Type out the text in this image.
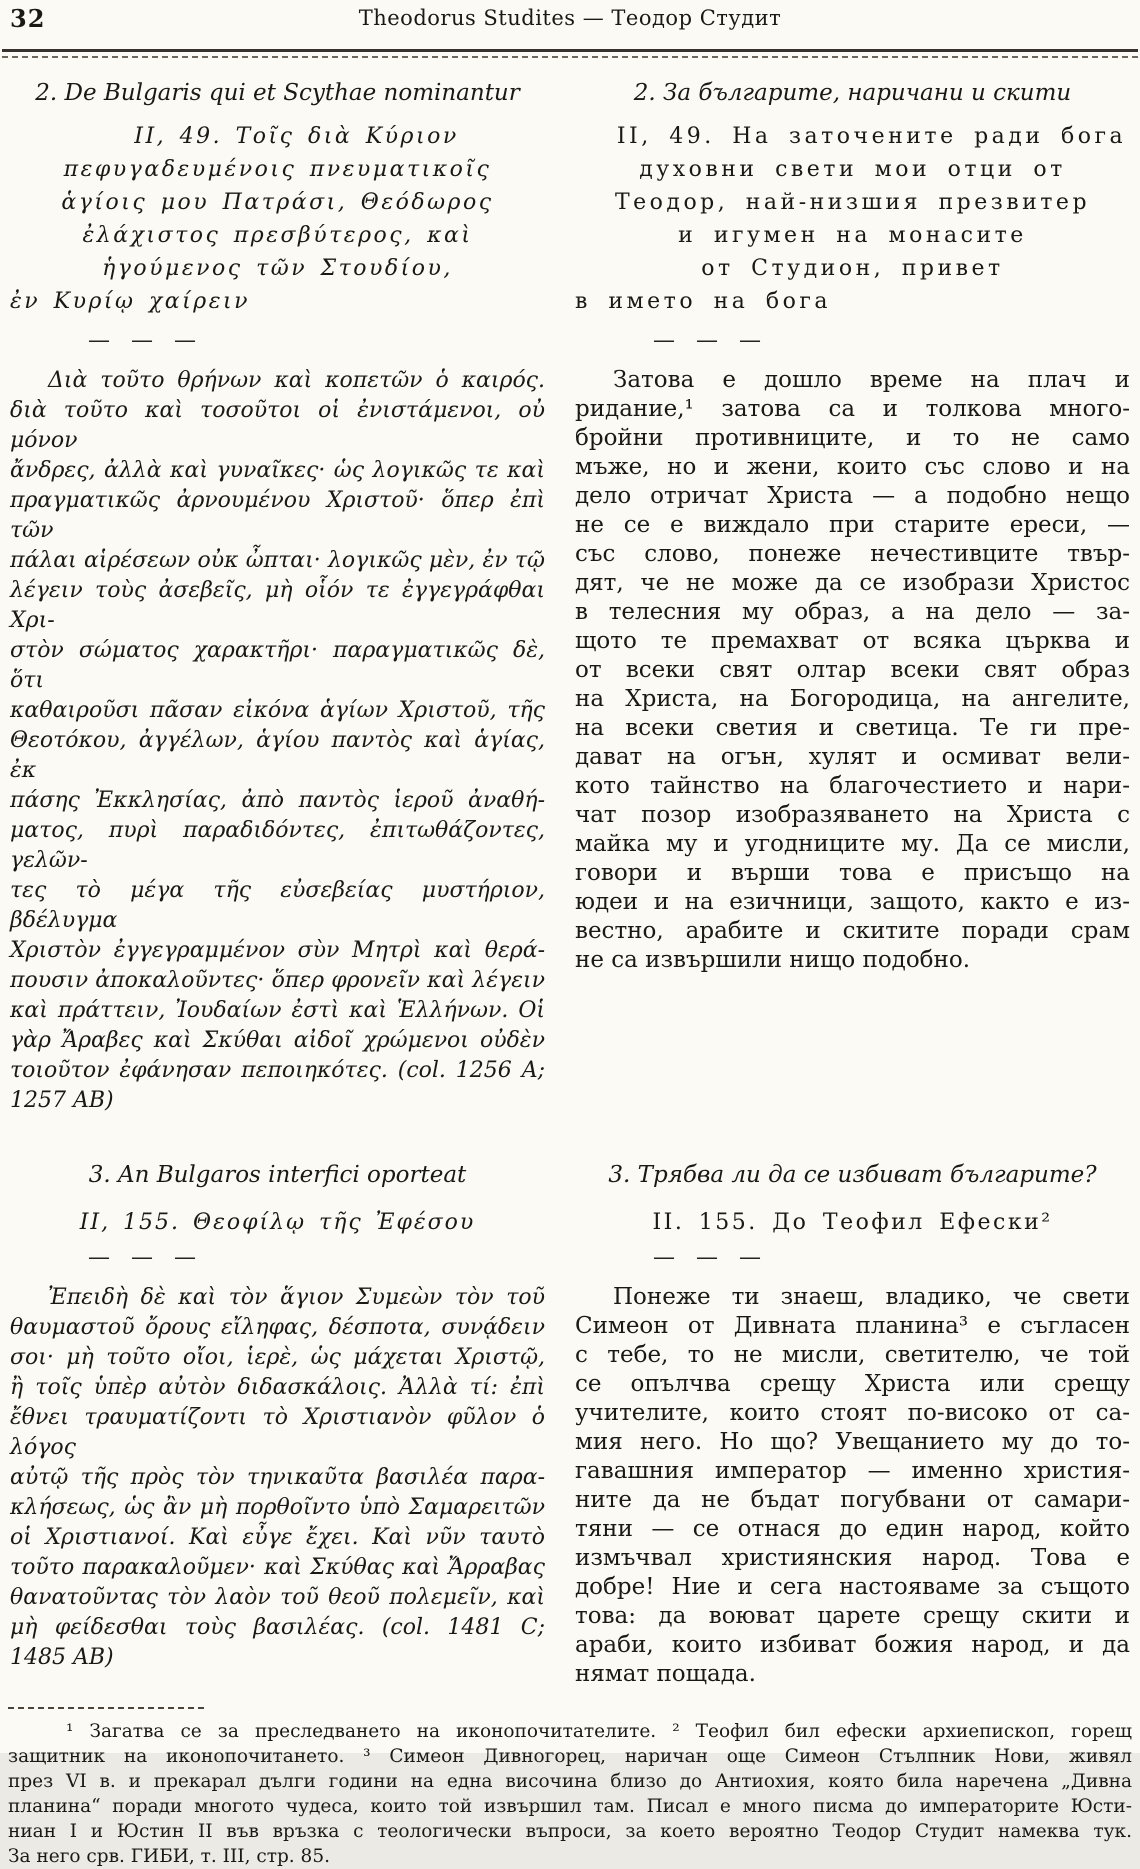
32	Theodorus Studites — Теодор Студит
2. De Bulgaris qui et Scythae nominantur	2. За българите, наричани и скити
II, 49. Τοῖς διὰ Κύριον
πεφυγαδευμένοις πνευματικοῖς
ἁγίοις μου Πατράσι, Θεόδωρος
ἐλάχιστος πρεσβύτερος, καὶ
ἡγούμενος τῶν Στουδίου,
ἐν Κυρίῳ χαίρειν
II, 49. На заточените ради бога
духовни свети мои отци от
Теодор, най-низшия презвитер
и игумен на монасите
от Студион, привет
в името на бога
— — —	— — —
Διὰ τοῦτο θρήνων καὶ κοπετῶν ὁ καιρός.
διὰ τοῦτο καὶ τοσοῦτοι οἱ ἐνιστάμενοι, οὐ μόνον
ἄνδρες, ἀλλὰ καὶ γυναῖκες· ὡς λογικῶς τε καὶ
πραγματικῶς ἀρνουμένου Χριστοῦ· ὅπερ ἐπὶ τῶν
πάλαι αἱρέσεων οὐκ ὦπται· λογικῶς μὲν, ἐν τῷ
λέγειν τοὺς ἀσεβεῖς, μὴ οἷόν τε ἐγγεγράφθαι Χρι-
στὸν σώματος χαρακτῆρι· παραγματικῶς δὲ, ὅτι
καθαιροῦσι πᾶσαν εἰκόνα ἁγίων Χριστοῦ, τῆς
Θεοτόκου, ἀγγέλων, ἁγίου παντὸς καὶ ἁγίας, ἐκ
πάσης Ἐκκλησίας, ἀπὸ παντὸς ἱεροῦ ἀναθή-
ματος, πυρὶ παραδιδόντες, ἐπιτωθάζοντες, γελῶν-
τες τὸ μέγα τῆς εὐσεβείας μυστήριον, βδέλυγμα
Χριστὸν ἐγγεγραμμένον σὺν Μητρὶ καὶ θερά-
πουσιν ἀποκαλοῦντες· ὅπερ φρονεῖν καὶ λέγειν
καὶ πράττειν, Ἰουδαίων ἐστὶ καὶ Ἑλλήνων. Οἱ
γὰρ Ἄραβες καὶ Σκύθαι αἰδοῖ χρώμενοι οὐδὲν
τοιοῦτον ἐφάνησαν πεποιηκότες. (col. 1256 A;
1257 AB)
Затова е дошло време на плач и
ридание,¹ затова са и толкова много-
бройни противниците, и то не само
мъже, но и жени, които със слово и на
дело отричат Христа — а подобно нещо
не се е виждало при старите ереси, —
със слово, понеже нечестивците твър-
дят, че не може да се изобрази Христос
в телесния му образ, а на дело — за-
щото те премахват от всяка църква и
от всеки свят олтар всеки свят образ
на Христа, на Богородица, на ангелите,
на всеки светия и светица. Те ги пре-
дават на огън, хулят и осмиват вели-
кото тайнство на благочестието и нари-
чат позор изобразяването на Христа с
майка му и угодниците му. Да се мисли,
говори и върши това е присъщо на
юдеи и на езичници, защото, както е из-
вестно, арабите и скитите поради срам
не са извършили нищо подобно.
3. An Bulgaros interfici oporteat	3. Трябва ли да се избиват българите?
II, 155. Θεοφίλῳ τῆς Ἐφέσου	II. 155. До Теофил Ефески²
— — —	— — —
Ἐπειδὴ δὲ καὶ τὸν ἅγιον Συμεὼν τὸν τοῦ
θαυμαστοῦ ὄρους εἴληφας, δέσποτα, συνᾴδειν
σοι· μὴ τοῦτο οἴοι, ἱερὲ, ὡς μάχεται Χριστῷ,
ἢ τοῖς ὑπὲρ αὐτὸν διδασκάλοις. Ἀλλὰ τί: ἐπὶ
ἔθνει τραυματίζοντι τὸ Χριστιανὸν φῦλον ὁ λόγος
αὐτῷ τῆς πρὸς τὸν τηνικαῦτα βασιλέα παρα-
κλήσεως, ὡς ἂν μὴ πορθοῖντο ὑπὸ Σαμαρειτῶν
οἱ Χριστιανοί. Καὶ εὖγε ἔχει. Καὶ νῦν ταυτὸ
τοῦτο παρακαλοῦμεν· καὶ Σκύθας καὶ Ἄρραβας
θανατοῦντας τὸν λαὸν τοῦ θεοῦ πολεμεῖν, καὶ
μὴ φείδεσθαι τοὺς βασιλέας. (col. 1481 C;
1485 AB)
Понеже ти знаеш, владико, че свети
Симеон от Дивната планина³ е съгласен
с тебе, то не мисли, светителю, че той
се опълчва срещу Христа или срещу
учителите, които стоят по-високо от са-
мия него. Но що? Увещанието му до то-
гавашния император — именно христия-
ните да не бъдат погубвани от самари-
тяни — се отнася до един народ, който
измъчвал християнския народ. Това е
добре! Ние и сега настояваме за същото
това: да воюват царете срещу скити и
араби, които избиват божия народ, и да
нямат пощада.
¹ Загатва се за преследването на иконопочитателите. ² Теофил бил ефески архиепископ, горещ
защитник на иконопочитането. ³ Симеон Дивногорец, наричан още Симеон Стълпник Нови, живял
през VI в. и прекарал дълги години на една височина близо до Антиохия, която била наречена „Дивна
планина“ поради многото чудеса, които той извършил там. Писал е много писма до императорите Юсти-
ниан I и Юстин II във връзка с теологически въпроси, за което вероятно Теодор Студит намеква тук.
За него срв. ГИБИ, т. III, стр. 85.
